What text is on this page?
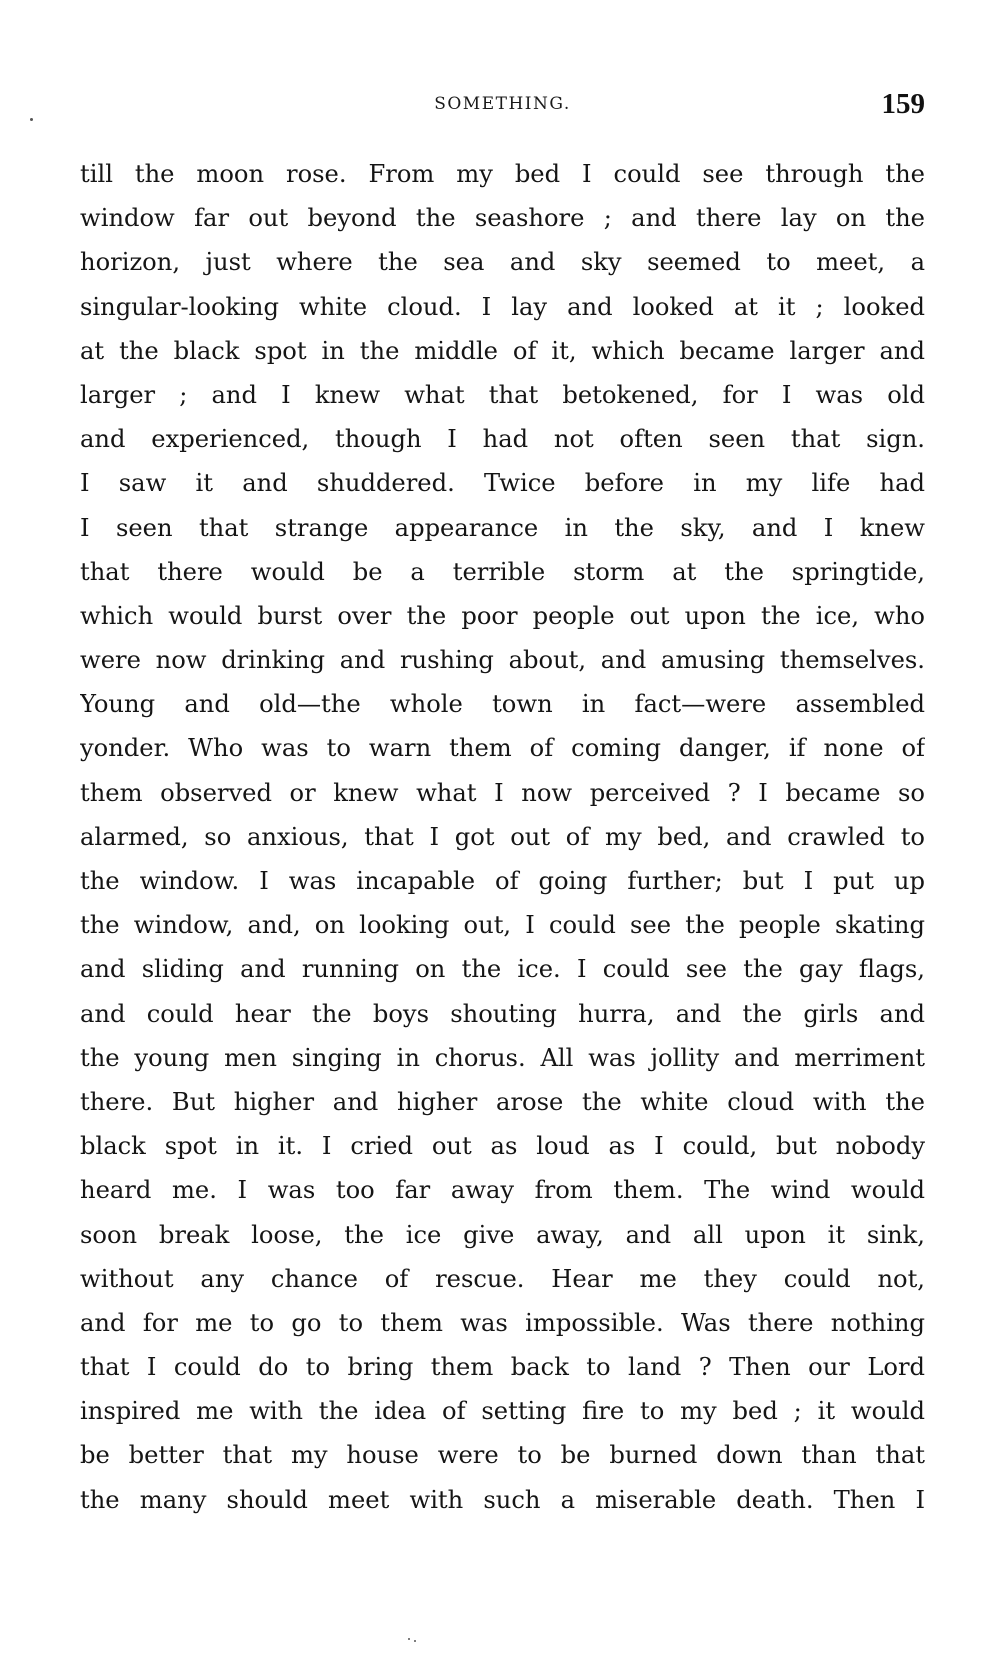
SOMETHING.	159
till the moon rose. From my bed I could see through the
window far out beyond the seashore ; and there lay on the
horizon, just where the sea and sky seemed to meet, a
singular-looking white cloud. I lay and looked at it ; looked
at the black spot in the middle of it, which became larger and
larger ; and I knew what that betokened, for I was old
and experienced, though I had not often seen that sign.
I saw it and shuddered. Twice before in my life had
I seen that strange appearance in the sky, and I knew
that there would be a terrible storm at the springtide,
which would burst over the poor people out upon the ice, who
were now drinking and rushing about, and amusing themselves.
Young and old—the whole town in fact—were assembled
yonder. Who was to warn them of coming danger, if none of
them observed or knew what I now perceived ? I became so
alarmed, so anxious, that I got out of my bed, and crawled to
the window. I was incapable of going further; but I put up
the window, and, on looking out, I could see the people skating
and sliding and running on the ice. I could see the gay flags,
and could hear the boys shouting hurra, and the girls and
the young men singing in chorus. All was jollity and merriment
there. But higher and higher arose the white cloud with the
black spot in it. I cried out as loud as I could, but nobody
heard me. I was too far away from them. The wind would
soon break loose, the ice give away, and all upon it sink,
without any chance of rescue. Hear me they could not,
and for me to go to them was impossible. Was there nothing
that I could do to bring them back to land ? Then our Lord
inspired me with the idea of setting fire to my bed ; it would
be better that my house were to be burned down than that
the many should meet with such a miserable death. Then I
